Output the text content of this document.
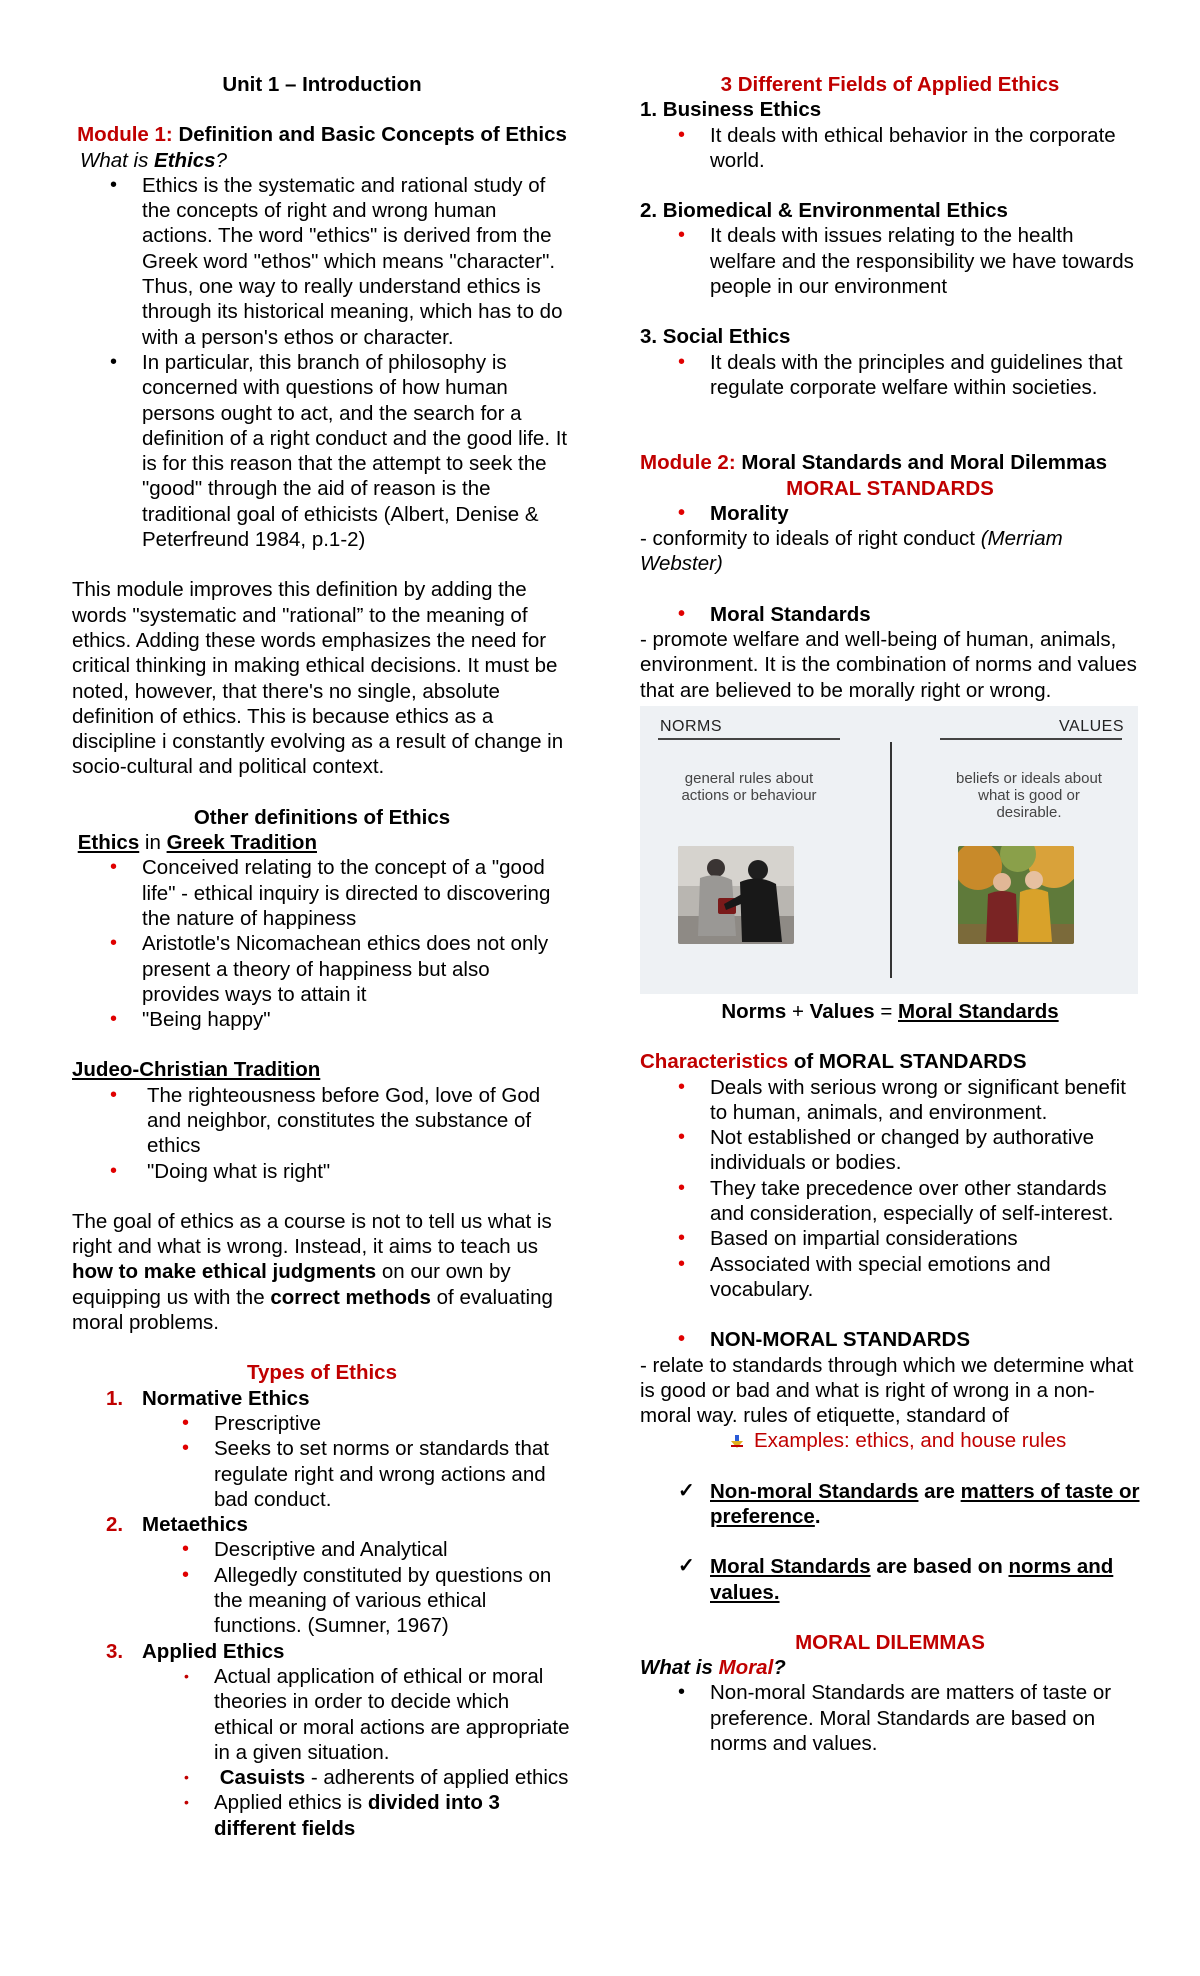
Unit 1 – Introduction

Module 1: Definition and Basic Concepts of Ethics

What is Ethics?

• Ethics is the systematic and rational study of the concepts of right and wrong human actions. The word "ethics" is derived from the Greek word "ethos" which means "character". Thus, one way to really understand ethics is through its historical meaning, which has to do with a person's ethos or character.
• In particular, this branch of philosophy is concerned with questions of how human persons ought to act, and the search for a definition of a right conduct and the good life. It is for this reason that the attempt to seek the "good" through the aid of reason is the traditional goal of ethicists (Albert, Denise & Peterfreund 1984, p.1-2)

This module improves this definition by adding the words "systematic and "rational” to the meaning of ethics. Adding these words emphasizes the need for critical thinking in making ethical decisions. It must be noted, however, that there's no single, absolute definition of ethics. This is because ethics as a discipline i constantly evolving as a result of change in socio-cultural and political context.

Other definitions of Ethics

Ethics in Greek Tradition

• Conceived relating to the concept of a "good life" - ethical inquiry is directed to discovering the nature of happiness
• Aristotle's Nicomachean ethics does not only present a theory of happiness but also provides ways to attain it
• "Being happy"

Judeo-Christian Tradition

• The righteousness before God, love of God and neighbor, constitutes the substance of ethics
• "Doing what is right"

The goal of ethics as a course is not to tell us what is right and what is wrong. Instead, it aims to teach us how to make ethical judgments on our own by equipping us with the correct methods of evaluating moral problems.

Types of Ethics

1. Normative Ethics
• Prescriptive
• Seeks to set norms or standards that regulate right and wrong actions and bad conduct.
2. Metaethics
• Descriptive and Analytical
• Allegedly constituted by questions on the meaning of various ethical functions. (Sumner, 1967)
3. Applied Ethics
• Actual application of ethical or moral theories in order to decide which ethical or moral actions are appropriate in a given situation.
• Casuists - adherents of applied ethics
• Applied ethics is divided into 3 different fields

3 Different Fields of Applied Ethics

1. Business Ethics

• It deals with ethical behavior in the corporate world.

2. Biomedical & Environmental Ethics

• It deals with issues relating to the health welfare and the responsibility we have towards people in our environment

3. Social Ethics

• It deals with the principles and guidelines that regulate corporate welfare within societies.

Module 2: Moral Standards and Moral Dilemmas

MORAL STANDARDS

• Morality

- conformity to ideals of right conduct (Merriam Webster)

• Moral Standards

- promote welfare and well-being of human, animals, environment. It is the combination of norms and values that are believed to be morally right or wrong.

NORMS	VALUES
general rules about actions or behaviour
beliefs or ideals about what is good or desirable.

Norms + Values = Moral Standards

Characteristics of MORAL STANDARDS

• Deals with serious wrong or significant benefit to human, animals, and environment.
• Not established or changed by authorative individuals or bodies.
• They take precedence over other standards and consideration, especially of self-interest.
• Based on impartial considerations
• Associated with special emotions and vocabulary.
• NON-MORAL STANDARDS

- relate to standards through which we determine what is good or bad and what is right of wrong in a non-moral way. rules of etiquette, standard of

Examples: ethics, and house rules

✓ Non-moral Standards are matters of taste or preference.

✓ Moral Standards are based on norms and values.

MORAL DILEMMAS

What is Moral?

• Non-moral Standards are matters of taste or preference. Moral Standards are based on norms and values.
